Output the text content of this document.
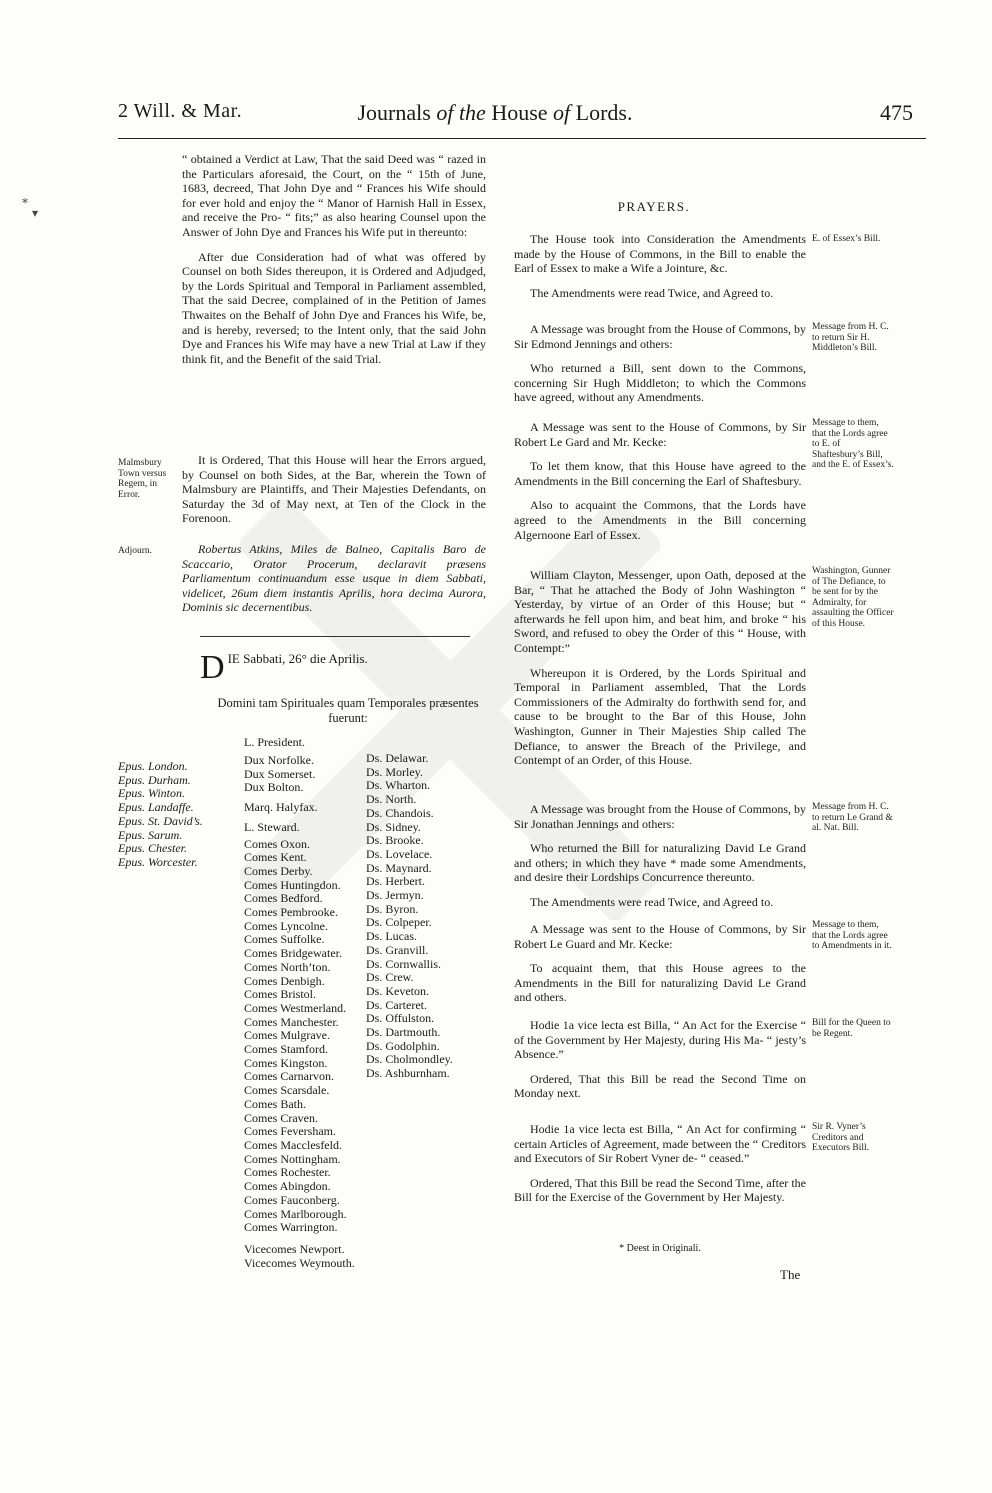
⁎
▾
2 Will. & Mar.	Journals of the House of Lords.	475

“ obtained a Verdict at Law, That the said Deed was “ razed in the Particulars aforesaid, the Court, on the “ 15th of June, 1683, decreed, That John Dye and “ Frances his Wife should for ever hold and enjoy the “ Manor of Harnish Hall in Essex, and receive the Pro- “ fits;” as also hearing Counsel upon the Answer of John Dye and Frances his Wife put in thereunto:

After due Consideration had of what was offered by Counsel on both Sides thereupon, it is Ordered and Adjudged, by the Lords Spiritual and Temporal in Parliament assembled, That the said Decree, complained of in the Petition of James Thwaites on the Behalf of John Dye and Frances his Wife, be, and is hereby, reversed; to the Intent only, that the said John Dye and Frances his Wife may have a new Trial at Law if they think fit, and the Benefit of the said Trial.

Malmsbury Town versus Regem, in Error.

It is Ordered, That this House will hear the Errors argued, by Counsel on both Sides, at the Bar, wherein the Town of Malmsbury are Plaintiffs, and Their Majesties Defendants, on Saturday the 3d of May next, at Ten of the Clock in the Forenoon.

Adjourn.	Robertus Atkins, Miles de Balneo, Capitalis Baro de Scaccario, Orator Procerum, declaravit præsens Parliamentum continuandum esse usque in diem Sabbati, videlicet, 26um diem instantis Aprilis, hora decima Aurora, Dominis sic decernentibus.

D IE Sabbati, 26° die Aprilis.
Domini tam Spirituales quam Temporales præsentes fuerunt:
L. Presìdent.
Epus. London.
Epus. Durham.
Epus. Winton.
Epus. Landaffe.
Epus. St. David’s.
Epus. Sarum.
Epus. Chester.
Epus. Worcester.
Dux Norfolke.
Dux Somerset.
Dux Bolton.
Marq. Halyfax.
L. Steward.
Comes Oxon.
Comes Kent.
Comes Derby.
Comes Huntingdon.
Comes Bedford.
Comes Pembrooke.
Comes Lyncolne.
Comes Suffolke.
Comes Bridgewater.
Comes North’ton.
Comes Denbigh.
Comes Bristol.
Comes Westmerland.
Comes Manchester.
Comes Mulgrave.
Comes Stamford.
Comes Kingston.
Comes Carnarvon.
Comes Scarsdale.
Comes Bath.
Comes Craven.
Comes Feversham.
Comes Macclesfeld.
Comes Nottingham.
Comes Rochester.
Comes Abingdon.
Comes Fauconberg.
Comes Marlborough.
Comes Warrington.
Vicecomes Newport.
Vicecomes Weymouth.
Ds. Delawar.
Ds. Morley.
Ds. Wharton.
Ds. North.
Ds. Chandois.
Ds. Sidney.
Ds. Brooke.
Ds. Lovelace.
Ds. Maynard.
Ds. Herbert.
Ds. Jermyn.
Ds. Byron.
Ds. Colpeper.
Ds. Lucas.
Ds. Granvill.
Ds. Cornwallis.
Ds. Crew.
Ds. Keveton.
Ds. Carteret.
Ds. Offulston.
Ds. Dartmouth.
Ds. Godolphin.
Ds. Cholmondley.
Ds. Ashburnham.
PRAYERS.

The House took into Consideration the Amendments made by the House of Commons, in the Bill to enable the Earl of Essex to make a Wife a Jointure, &c.

The Amendments were read Twice, and Agreed to.

E. of Essex’s Bill.

A Message was brought from the House of Commons, by Sir Edmond Jennings and others:

Who returned a Bill, sent down to the Commons, concerning Sir Hugh Middleton; to which the Commons have agreed, without any Amendments.

Message from H. C. to return Sir H. Middleton’s Bill.

A Message was sent to the House of Commons, by Sir Robert Le Gard and Mr. Kecke:

To let them know, that this House have agreed to the Amendments in the Bill concerning the Earl of Shaftesbury.

Also to acquaint the Commons, that the Lords have agreed to the Amendments in the Bill concerning Algernoone Earl of Essex.

Message to them, that the Lords agree to E. of Shaftesbury’s Bill, and the E. of Essex’s.

William Clayton, Messenger, upon Oath, deposed at the Bar, “ That he attached the Body of John Washington “ Yesterday, by virtue of an Order of this House; but “ afterwards he fell upon him, and beat him, and broke “ his Sword, and refused to obey the Order of this “ House, with Contempt:”

Whereupon it is Ordered, by the Lords Spiritual and Temporal in Parliament assembled, That the Lords Commissioners of the Admiralty do forthwith send for, and cause to be brought to the Bar of this House, John Washington, Gunner in Their Majesties Ship called The Defiance, to answer the Breach of the Privilege, and Contempt of an Order, of this House.

Washington, Gunner of The Defiance, to be sent for by the Admiralty, for assaulting the Officer of this House.

A Message was brought from the House of Commons, by Sir Jonathan Jennings and others:

Who returned the Bill for naturalizing David Le Grand and others; in which they have * made some Amendments, and desire their Lordships Concurrence thereunto.

The Amendments were read Twice, and Agreed to.

Message from H. C. to return Le Grand & al. Nat. Bill.

A Message was sent to the House of Commons, by Sir Robert Le Guard and Mr. Kecke:

To acquaint them, that this House agrees to the Amendments in the Bill for naturalizing David Le Grand and others.

Message to them, that the Lords agree to Amendments in it.

Hodie 1a vice lecta est Billa, “ An Act for the Exercise “ of the Government by Her Majesty, during His Ma- “ jesty’s Absence.”

Ordered, That this Bill be read the Second Time on Monday next.

Bill for the Queen to be Regent.

Hodie 1a vice lecta est Billa, “ An Act for confirming “ certain Articles of Agreement, made between the “ Creditors and Executors of Sir Robert Vyner de- “ ceased.”

Ordered, That this Bill be read the Second Time, after the Bill for the Exercise of the Government by Her Majesty.

Sir R. Vyner’s Creditors and Executors Bill.
* Deest in Originali.
The
